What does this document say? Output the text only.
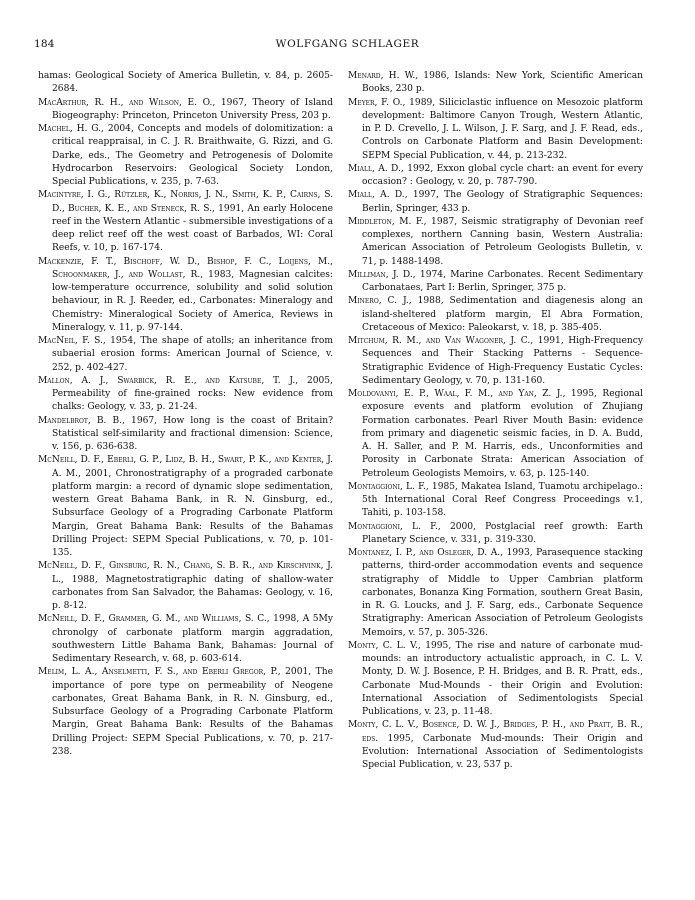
184	WOLFGANG SCHLAGER

hamas: Geological Society of America Bulletin, v. 84, p. 2605-2684.

MacArthur, R. H., and Wilson, E. O., 1967, Theory of Island Biogeography: Princeton, Princeton University Press, 203 p.

Machel, H. G., 2004, Concepts and models of dolomitization: a critical reappraisal, in C. J. R. Braithwaite, G. Rizzi, and G. Darke, eds., The Geometry and Petrogenesis of Dolomite Hydrocarbon Reservoirs: Geological Society London, Special Publications, v. 235, p. 7-63.

Macintyre, I. G., Rützler, K., Norris, J. N., Smith, K. P., Cairns, S. D., Bucher, K. E., and Steneck, R. S., 1991, An early Holocene reef in the Western Atlantic - submersible investigations of a deep relict reef off the west coast of Barbados, WI: Coral Reefs, v. 10, p. 167-174.

Mackenzie, F. T., Bischoff, W. D., Bishop, F. C., Loijens, M., Schoonmaker, J., and Wollast, R., 1983, Magnesian calcites: low-temperature occurrence, solubility and solid solution behaviour, in R. J. Reeder, ed., Carbonates: Mineralogy and Chemistry: Mineralogical Society of America, Reviews in Mineralogy, v. 11, p. 97-144.

MacNeil, F. S., 1954, The shape of atolls; an inheritance from subaerial erosion forms: American Journal of Science, v. 252, p. 402-427.

Mallon, A. J., Swarbick, R. E., and Katsube, T. J., 2005, Permeability of fine-grained rocks: New evidence from chalks: Geology, v. 33, p. 21-24.

Mandelbrot, B. B., 1967, How long is the coast of Britain? Statistical self-similarity and fractional dimension: Science, v. 156, p. 636-638.

McNeill, D. F., Eberli, G. P., Lidz, B. H., Swart, P. K., and Kenter, J. A. M., 2001, Chronostratigraphy of a prograded carbonate platform margin: a record of dynamic slope sedimentation, western Great Bahama Bank, in R. N. Ginsburg, ed., Subsurface Geology of a Prograding Carbonate Platform Margin, Great Bahama Bank: Results of the Bahamas Drilling Project: SEPM Special Publications, v. 70, p. 101-135.

McNeill, D. F., Ginsburg, R. N., Chang, S. B. R., and Kirschvink, J. L., 1988, Magnetostratigraphic dating of shallow-water carbonates from San Salvador, the Bahamas: Geology, v. 16, p. 8-12.

McNeill, D. F., Grammer, G. M., and Williams, S. C., 1998, A 5My chronolgy of carbonate platform margin aggradation, southwestern Little Bahama Bank, Bahamas: Journal of Sedimentary Research, v. 68, p. 603-614.

Melim, L. A., Anselmetti, F. S., and Eberli Gregor, P., 2001, The importance of pore type on permeability of Neogene carbonates, Great Bahama Bank, in R. N. Ginsburg, ed., Subsurface Geology of a Prograding Carbonate Platform Margin, Great Bahama Bank: Results of the Bahamas Drilling Project: SEPM Special Publications, v. 70, p. 217-238.

Menard, H. W., 1986, Islands: New York, Scientific American Books, 230 p.

Meyer, F. O., 1989, Siliciclastic influence on Mesozoic platform development: Baltimore Canyon Trough, Western Atlantic, in P. D. Crevello, J. L. Wilson, J. F. Sarg, and J. F. Read, eds., Controls on Carbonate Platform and Basin Development: SEPM Special Publication, v. 44, p. 213-232.

Miall, A. D., 1992, Exxon global cycle chart: an event for every occasion? : Geology, v. 20, p. 787-790.

Miall, A. D., 1997, The Geology of Stratigraphic Sequences: Berlin, Springer, 433 p.

Middleton, M. F., 1987, Seismic stratigraphy of Devonian reef complexes, northern Canning basin, Western Australia: American Association of Petroleum Geologists Bulletin, v. 71, p. 1488-1498.

Milliman, J. D., 1974, Marine Carbonates. Recent Sedimentary Carbonataes, Part I: Berlin, Springer, 375 p.

Minero, C. J., 1988, Sedimentation and diagenesis along an island-sheltered platform margin, El Abra Formation, Cretaceous of Mexico: Paleokarst, v. 18, p. 385-405.

Mitchum, R. M., and Van Wagoner, J. C., 1991, High-Frequency Sequences and Their Stacking Patterns - Sequence-Stratigraphic Evidence of High-Frequency Eustatic Cycles: Sedimentary Geology, v. 70, p. 131-160.

Moldovanyi, E. P., Waal, F. M., and Yan, Z. J., 1995, Regional exposure events and platform evolution of Zhujiang Formation carbonates. Pearl River Mouth Basin: evidence from primary and diagenetic seismic facies, in D. A. Budd, A. H. Saller, and P. M. Harris, eds., Unconformities and Porosity in Carbonate Strata: American Association of Petroleum Geologists Memoirs, v. 63, p. 125-140.

Montaggioni, L. F., 1985, Makatea Island, Tuamotu archipelago.: 5th International Coral Reef Congress Proceedings v.1, Tahiti, p. 103-158.

Montaggioni, L. F., 2000, Postglacial reef growth: Earth Planetary Science, v. 331, p. 319-330.

Montanez, I. P., and Osleger, D. A., 1993, Parasequence stacking patterns, third-order accommodation events and sequence stratigraphy of Middle to Upper Cambrian platform carbonates, Bonanza King Formation, southern Great Basin, in R. G. Loucks, and J. F. Sarg, eds., Carbonate Sequence Stratigraphy: American Association of Petroleum Geologists Memoirs, v. 57, p. 305-326.

Monty, C. L. V., 1995, The rise and nature of carbonate mud-mounds: an introductory actualistic approach, in C. L. V. Monty, D. W. J. Bosence, P. H. Bridges, and B. R. Pratt, eds., Carbonate Mud-Mounds - their Origin and Evolution: International Association of Sedimentologists Special Publications, v. 23, p. 11-48.

Monty, C. L. V., Bosence, D. W. J., Bridges, P. H., and Pratt, B. R., eds. 1995, Carbonate Mud-mounds: Their Origin and Evolution: International Association of Sedimentologists Special Publication, v. 23, 537 p.
